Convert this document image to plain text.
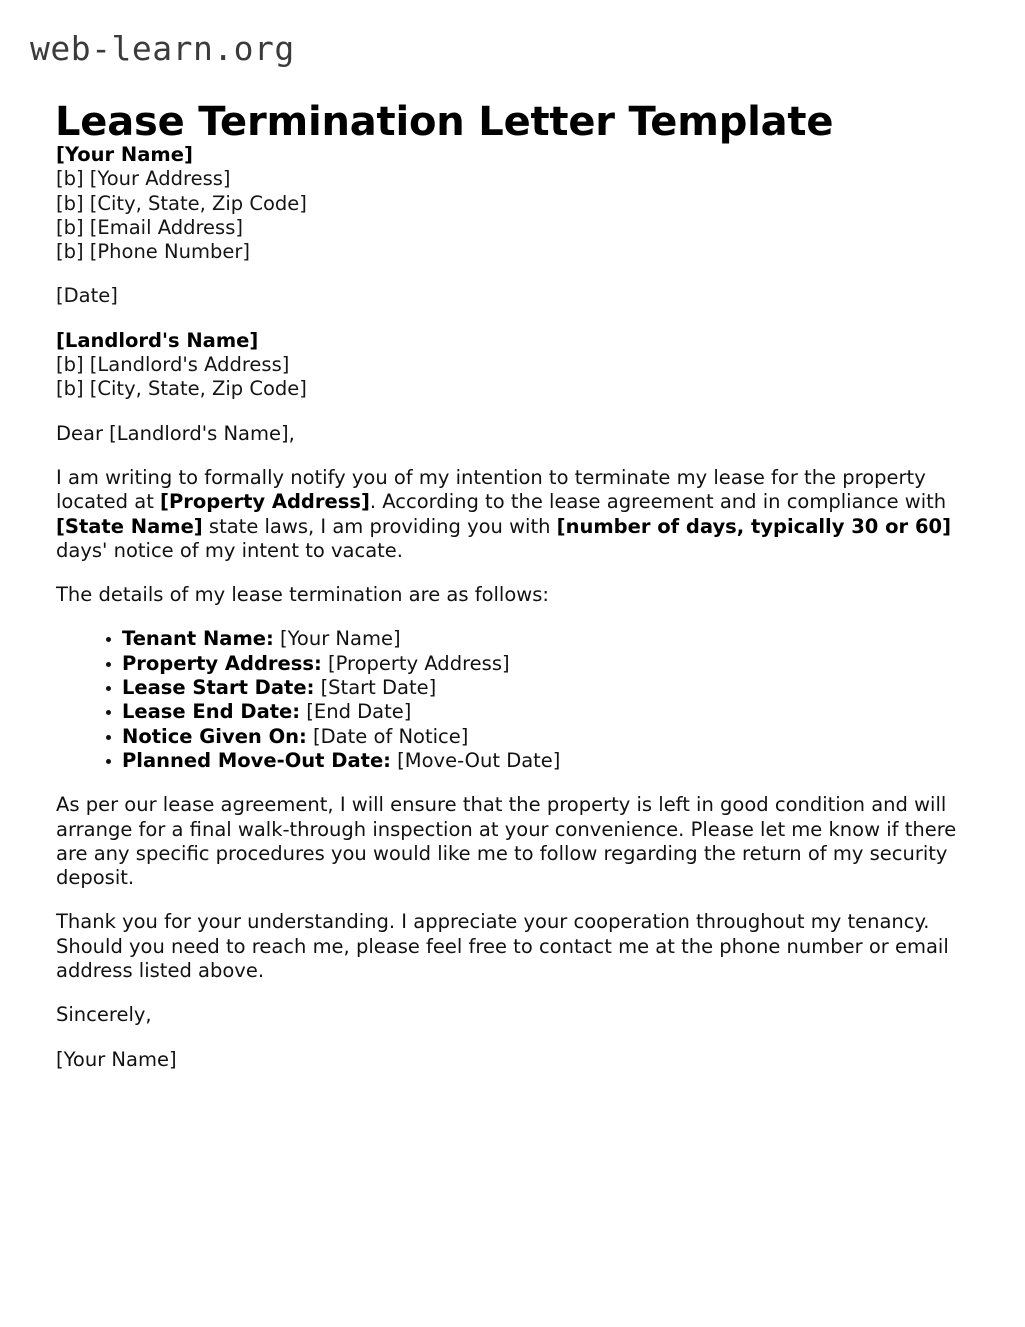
web-learn.org
Lease Termination Letter Template
[Your Name]
[b] [Your Address]
[b] [City, State, Zip Code]
[b] [Email Address]
[b] [Phone Number]
[Date]
[Landlord's Name]
[b] [Landlord's Address]
[b] [City, State, Zip Code]

Dear [Landlord's Name],

I am writing to formally notify you of my intention to terminate my lease for the property located at [Property Address]. According to the lease agreement and in compliance with [State Name] state laws, I am providing you with [number of days, typically 30 or 60] days' notice of my intent to vacate.

The details of my lease termination are as follows:

Tenant Name: [Your Name]
Property Address: [Property Address]
Lease Start Date: [Start Date]
Lease End Date: [End Date]
Notice Given On: [Date of Notice]
Planned Move-Out Date: [Move-Out Date]

As per our lease agreement, I will ensure that the property is left in good condition and will arrange for a final walk-through inspection at your convenience. Please let me know if there are any specific procedures you would like me to follow regarding the return of my security deposit.

Thank you for your understanding. I appreciate your cooperation throughout my tenancy. Should you need to reach me, please feel free to contact me at the phone number or email address listed above.

Sincerely,

[Your Name]
